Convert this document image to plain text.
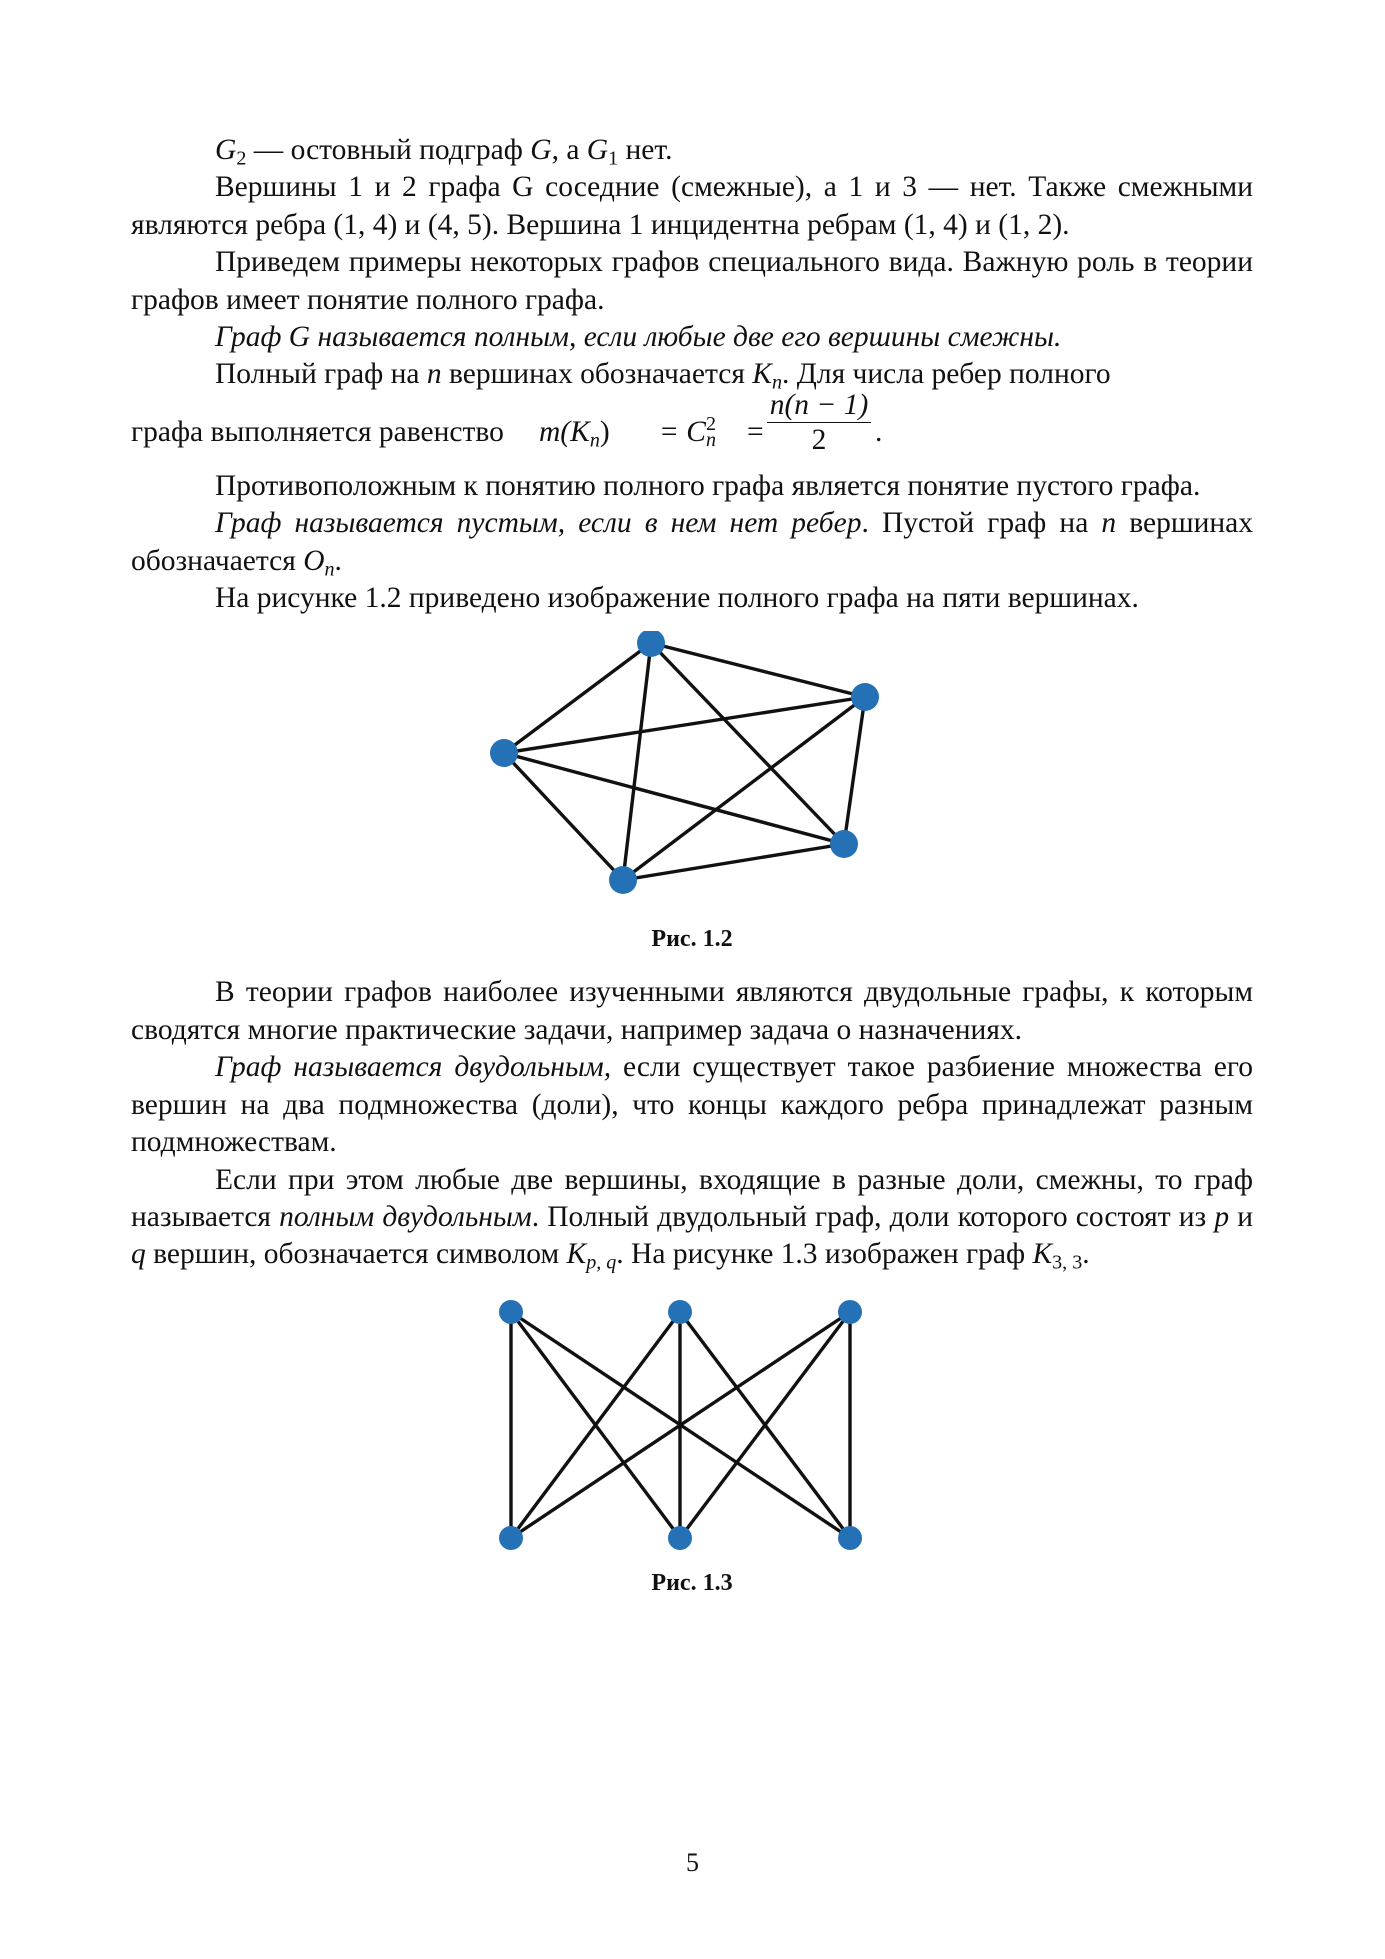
$G_2$ — остовный подграф G, а $G_1$ нет.

Вершины 1 и 2 графа G соседние (смежные), а 1 и 3 — нет. Также смежными являются ребра (1, 4) и (4, 5). Вершина 1 инцидентна ребрам (1, 4) и (1, 2).

Приведем примеры некоторых графов специального вида. Важную роль в теории графов имеет понятие полного графа.

Граф G называется полным, если любые две его вершины смежны.

Полный граф на n вершинах обозначается $K_n$. Для числа ребер полного

графа выполняется равенство $m(K_n) = C^2_n = \frac{n(n - 1)}{2}$ .

Противоположным к понятию полного графа является понятие пустого графа.

Граф называется пустым, если в нем нет ребер. Пустой граф на n вершинах обозначается $O_n$.

На рисунке 1.2 приведено изображение полного графа на пяти вершинах.

Рис. 1.2

В теории графов наиболее изученными являются двудольные графы, к которым сводятся многие практические задачи, например задача о назначениях.

Граф называется двудольным, если существует такое разбиение множества его вершин на два подмножества (доли), что концы каждого ребра принадлежат разным подмножествам.

Если при этом любые две вершины, входящие в разные доли, смежны, то граф называется полным двудольным. Полный двудольный граф, доли которого состоят из p и q вершин, обозначается символом $K_{p, q}$. На рисунке 1.3 изображен граф $K_{3, 3}$.

Рис. 1.3
5
